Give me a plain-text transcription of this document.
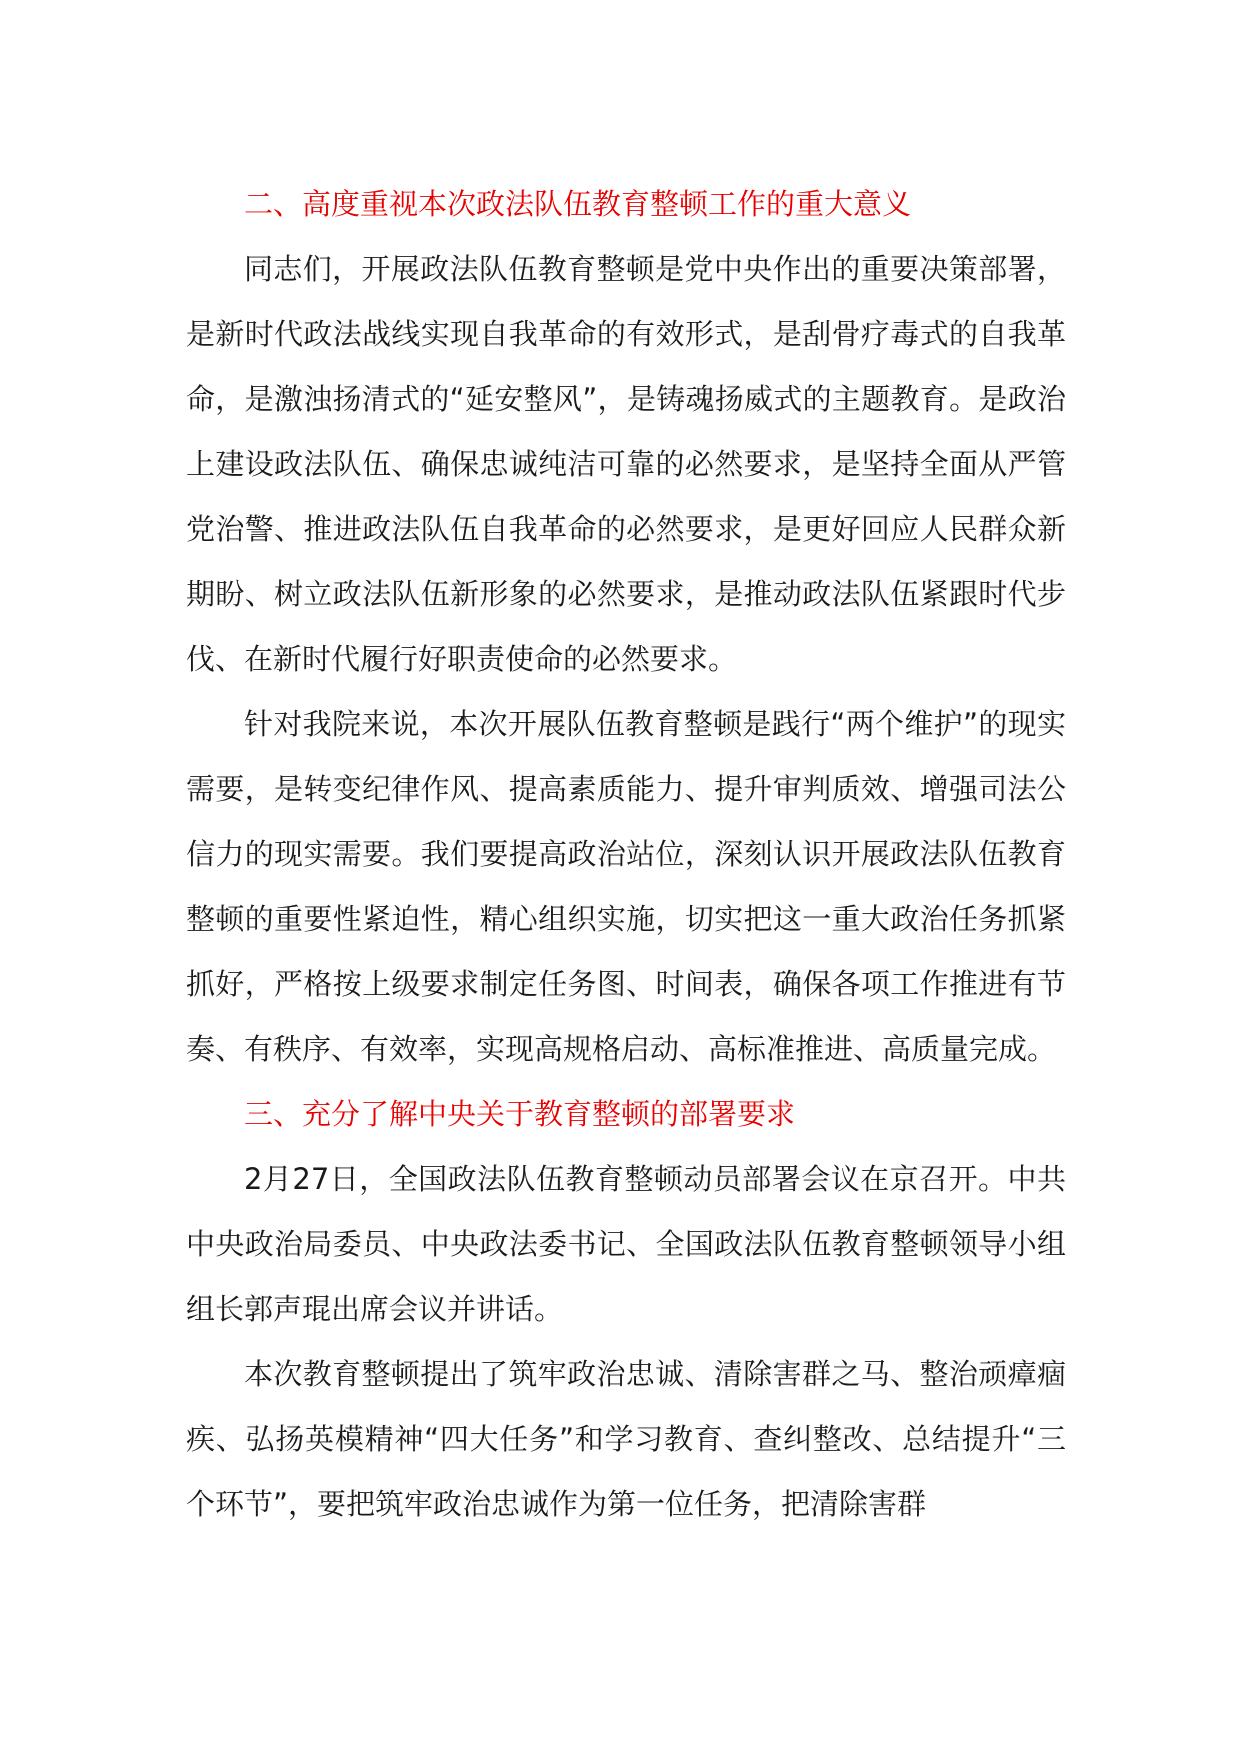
二、高度重视本次政法队伍教育整顿工作的重大意义

同志们，开展政法队伍教育整顿是党中央作出的重要决策部署，是新时代政法战线实现自我革命的有效形式，是刮骨疗毒式的自我革命，是激浊扬清式的“延安整风”，是铸魂扬威式的主题教育。是政治上建设政法队伍、确保忠诚纯洁可靠的必然要求，是坚持全面从严管党治警、推进政法队伍自我革命的必然要求，是更好回应人民群众新期盼、树立政法队伍新形象的必然要求，是推动政法队伍紧跟时代步伐、在新时代履行好职责使命的必然要求。

针对我院来说，本次开展队伍教育整顿是践行“两个维护”的现实需要，是转变纪律作风、提高素质能力、提升审判质效、增强司法公信力的现实需要。我们要提高政治站位，深刻认识开展政法队伍教育整顿的重要性紧迫性，精心组织实施，切实把这一重大政治任务抓紧抓好，严格按上级要求制定任务图、时间表，确保各项工作推进有节奏、有秩序、有效率，实现高规格启动、高标准推进、高质量完成。

三、充分了解中央关于教育整顿的部署要求

2月27日，全国政法队伍教育整顿动员部署会议在京召开。中共中央政治局委员、中央政法委书记、全国政法队伍教育整顿领导小组组长郭声琨出席会议并讲话。

本次教育整顿提出了筑牢政治忠诚、清除害群之马、整治顽瘴痼疾、弘扬英模精神“四大任务”和学习教育、查纠整改、总结提升“三个环节”，要把筑牢政治忠诚作为第一位任务，把清除害群
